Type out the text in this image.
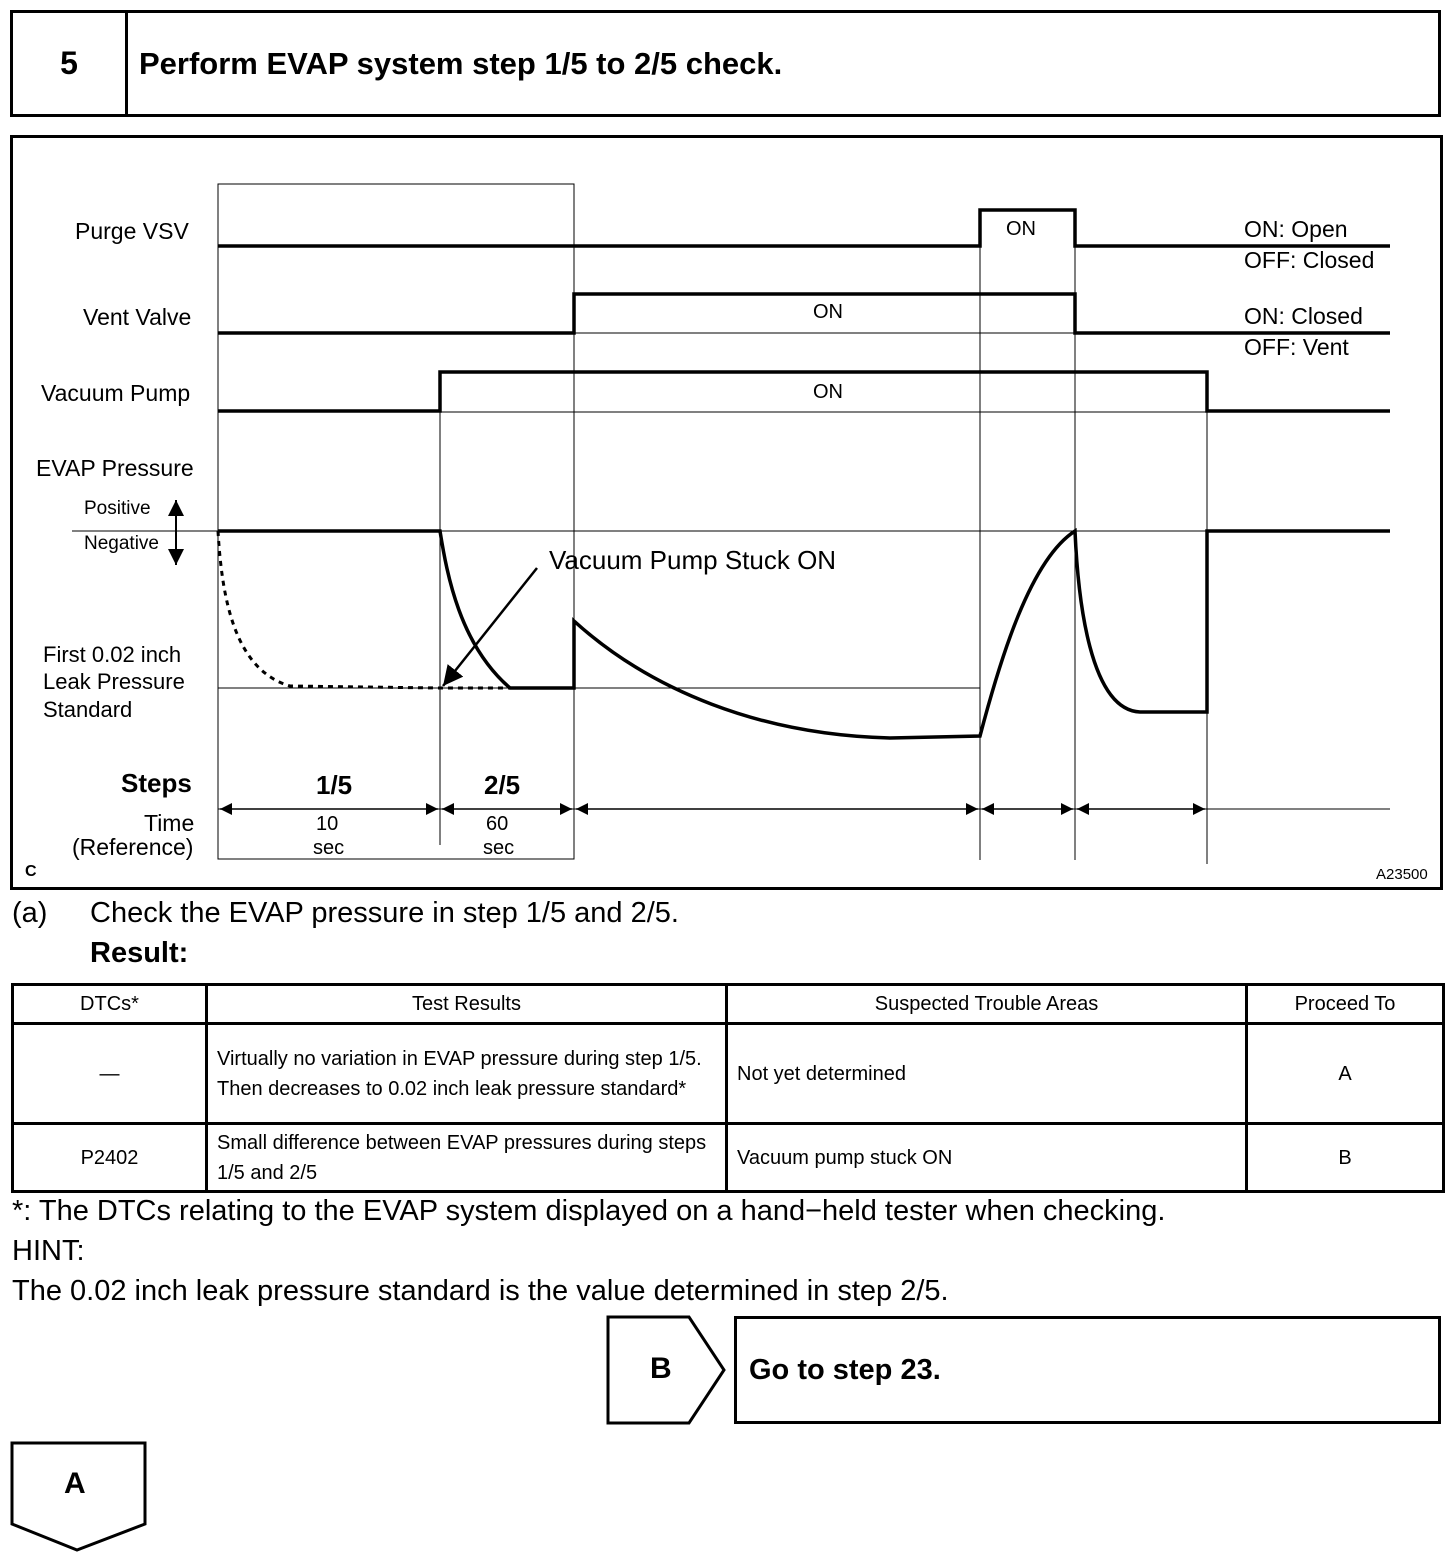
5	Perform EVAP system step 1/5 to 2/5 check.
Purge VSV
Vent Valve
Vacuum Pump
EVAP Pressure
Positive
Negative
First 0.02 inch
Leak Pressure
Standard
Steps
Time
(Reference)
ON
ON
ON
ON: Open
OFF: Closed
ON: Closed
OFF: Vent
Vacuum Pump Stuck ON
1/5	2/5
10
sec
60
sec
C	A23500
(a) Check the EVAP pressure in step 1/5 and 2/5.
Result:
DTCs*	Test Results	Suspected Trouble Areas	Proceed To
—	Virtually no variation in EVAP pressure during step 1/5. Then decreases to 0.02 inch leak pressure standard*	Not yet determined	A
P2402	Small difference between EVAP pressures during steps 1/5 and 2/5	Vacuum pump stuck ON	B
*: The DTCs relating to the EVAP system displayed on a hand−held tester when checking.
HINT:
The 0.02 inch leak pressure standard is the value determined in step 2/5.
B	Go to step 23.
A
